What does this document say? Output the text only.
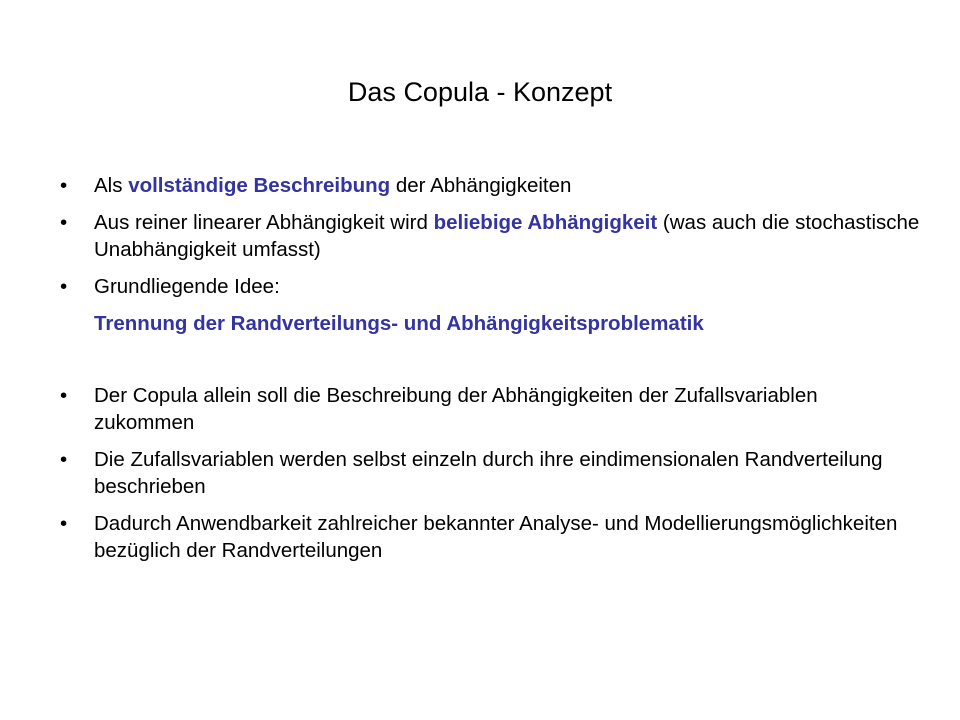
Das Copula - Konzept
•	Als vollständige Beschreibung der Abhängigkeiten
•	Aus reiner linearer Abhängigkeit wird beliebige Abhängigkeit (was auch die stochastische Unabhängigkeit umfasst)
•	Grundliegende Idee:
Trennung der Randverteilungs- und Abhängigkeitsproblematik
•	Der Copula allein soll die Beschreibung der Abhängigkeiten der Zufallsvariablen zukommen
•	Die Zufallsvariablen werden selbst einzeln durch ihre eindimensionalen Randverteilung beschrieben
•	Dadurch Anwendbarkeit zahlreicher bekannter Analyse- und Modellierungsmöglichkeiten bezüglich der Randverteilungen
